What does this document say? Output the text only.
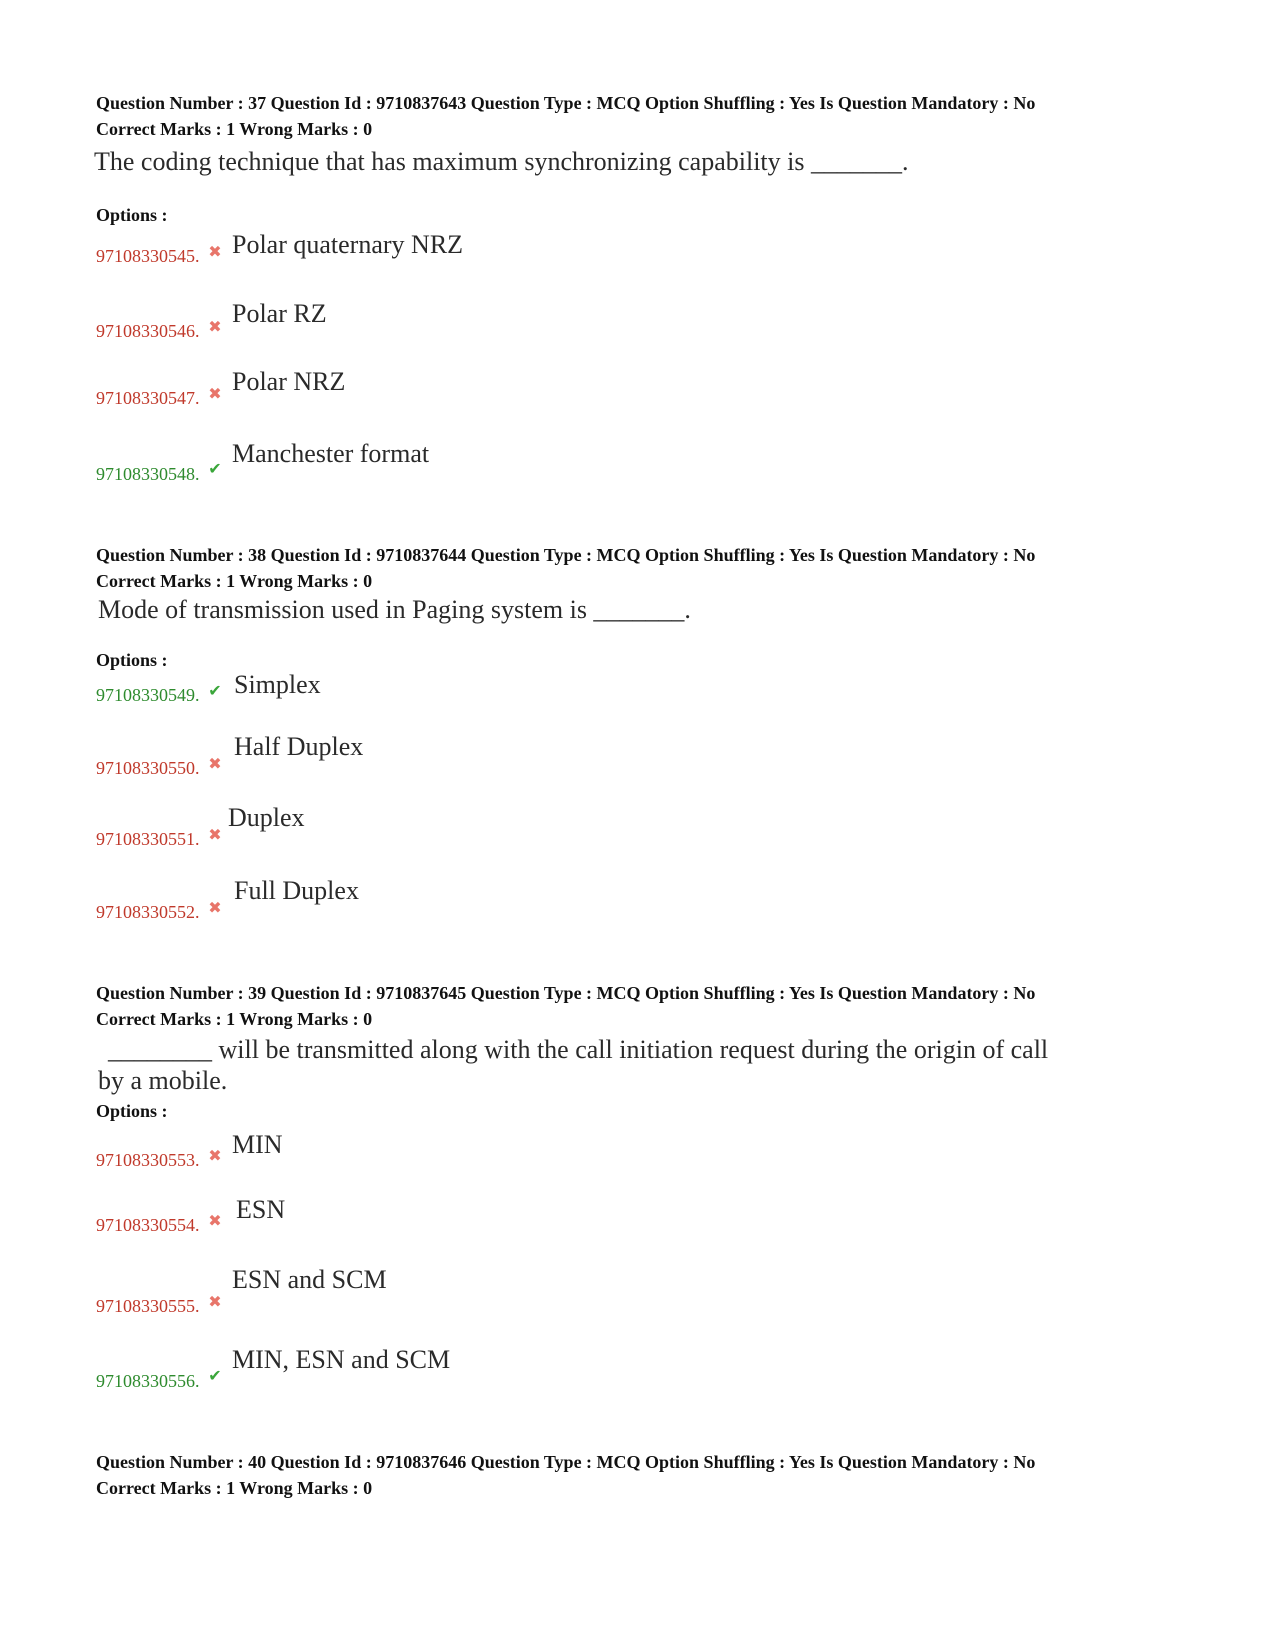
Question Number : 37 Question Id : 9710837643 Question Type : MCQ Option Shuffling : Yes Is Question Mandatory : No
Correct Marks : 1 Wrong Marks : 0
The coding technique that has maximum synchronizing capability is _______.
Options :
97108330545. ✖ Polar quaternary NRZ
97108330546. ✖ Polar RZ
97108330547. ✖ Polar NRZ
97108330548. ✔
Manchester format
Question Number : 38 Question Id : 9710837644 Question Type : MCQ Option Shuffling : Yes Is Question Mandatory : No
Correct Marks : 1 Wrong Marks : 0
Mode of transmission used in Paging system is _______.
Options :
97108330549. ✔ Simplex
97108330550. ✖
Half Duplex
97108330551. ✖
Duplex
97108330552. ✖
Full Duplex
Question Number : 39 Question Id : 9710837645 Question Type : MCQ Option Shuffling : Yes Is Question Mandatory : No
Correct Marks : 1 Wrong Marks : 0
________ will be transmitted along with the call initiation request during the origin of call
by a mobile.
Options :
97108330553. ✖ MIN
97108330554. ✖ ESN
97108330555. ✖
ESN and SCM
97108330556. ✔
MIN, ESN and SCM
Question Number : 40 Question Id : 9710837646 Question Type : MCQ Option Shuffling : Yes Is Question Mandatory : No
Correct Marks : 1 Wrong Marks : 0
